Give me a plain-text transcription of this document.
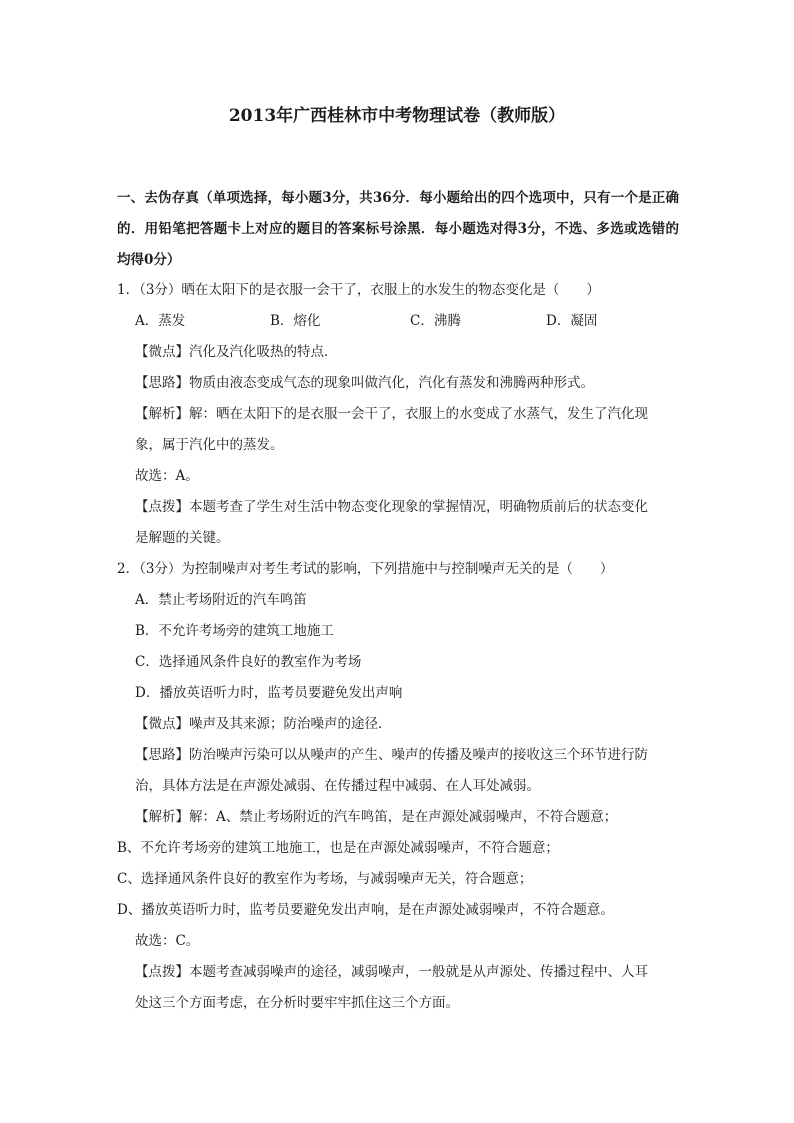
2013年广西桂林市中考物理试卷（教师版）
一、去伪存真（单项选择，每小题3分，共36分．每小题给出的四个选项中，只有一个是正确的．用铅笔把答题卡上对应的题目的答案标号涂黑．每小题选对得3分，不选、多选或选错的均得0分）
1．（3分）晒在太阳下的是衣服一会干了，衣服上的水发生的物态变化是（　　）
A．蒸发	B．熔化	C．沸腾	D．凝固
【微点】汽化及汽化吸热的特点．
【思路】物质由液态变成气态的现象叫做汽化，汽化有蒸发和沸腾两种形式。
【解析】解：晒在太阳下的是衣服一会干了，衣服上的水变成了水蒸气，发生了汽化现
象，属于汽化中的蒸发。
故选：A。
【点拨】本题考查了学生对生活中物态变化现象的掌握情况，明确物质前后的状态变化
是解题的关键。
2．（3分）为控制噪声对考生考试的影响，下列措施中与控制噪声无关的是（　　）
A．禁止考场附近的汽车鸣笛
B．不允许考场旁的建筑工地施工
C．选择通风条件良好的教室作为考场
D．播放英语听力时，监考员要避免发出声响
【微点】噪声及其来源；防治噪声的途径．
【思路】防治噪声污染可以从噪声的产生、噪声的传播及噪声的接收这三个环节进行防
治，具体方法是在声源处减弱、在传播过程中减弱、在人耳处减弱。
【解析】解：A、禁止考场附近的汽车鸣笛，是在声源处减弱噪声，不符合题意；
B、不允许考场旁的建筑工地施工，也是在声源处减弱噪声，不符合题意；
C、选择通风条件良好的教室作为考场，与减弱噪声无关，符合题意；
D、播放英语听力时，监考员要避免发出声响，是在声源处减弱噪声，不符合题意。
故选：C。
【点拨】本题考查减弱噪声的途径，减弱噪声，一般就是从声源处、传播过程中、人耳
处这三个方面考虑，在分析时要牢牢抓住这三个方面。
